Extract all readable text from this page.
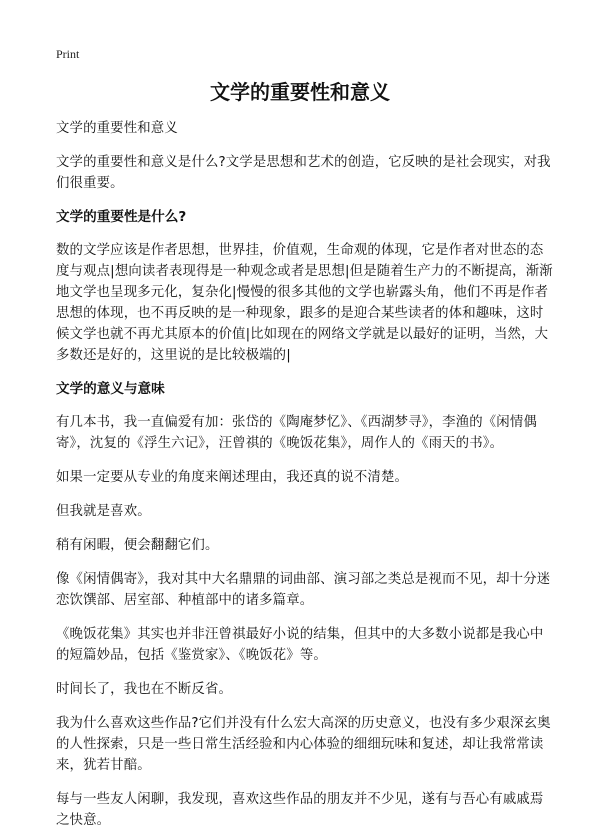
Print
文学的重要性和意义

文学的重要性和意义

文学的重要性和意义是什么?文学是思想和艺术的创造，它反映的是社会现实，对我们很重要。

文学的重要性是什么?

数的文学应该是作者思想，世界挂，价值观，生命观的体现，它是作者对世态的态度与观点|想向读者表现得是一种观念或者是思想|但是随着生产力的不断提高，渐渐地文学也呈现多元化，复杂化|慢慢的很多其他的文学也崭露头角，他们不再是作者思想的体现，也不再反映的是一种现象，跟多的是迎合某些读者的体和趣味，这时候文学也就不再尤其原本的价值|比如现在的网络文学就是以最好的证明，当然，大多数还是好的，这里说的是比较极端的|

文学的意义与意味

有几本书，我一直偏爱有加：张岱的《陶庵梦忆》、《西湖梦寻》，李渔的《闲情偶寄》，沈复的《浮生六记》，汪曾祺的《晚饭花集》，周作人的《雨天的书》。

如果一定要从专业的角度来阐述理由，我还真的说不清楚。

但我就是喜欢。

稍有闲暇，便会翻翻它们。

像《闲情偶寄》，我对其中大名鼎鼎的词曲部、演习部之类总是视而不见，却十分迷恋饮馔部、居室部、种植部中的诸多篇章。

《晚饭花集》其实也并非汪曾祺最好小说的结集，但其中的大多数小说都是我心中的短篇妙品，包括《鉴赏家》、《晚饭花》等。

时间长了，我也在不断反省。

我为什么喜欢这些作品?它们并没有什么宏大高深的历史意义，也没有多少艰深玄奥的人性探索，只是一些日常生活经验和内心体验的细细玩味和复述，却让我常常读来，犹若甘醅。

每与一些友人闲聊，我发现，喜欢这些作品的朋友并不少见，遂有与吾心有戚戚焉之快意。
